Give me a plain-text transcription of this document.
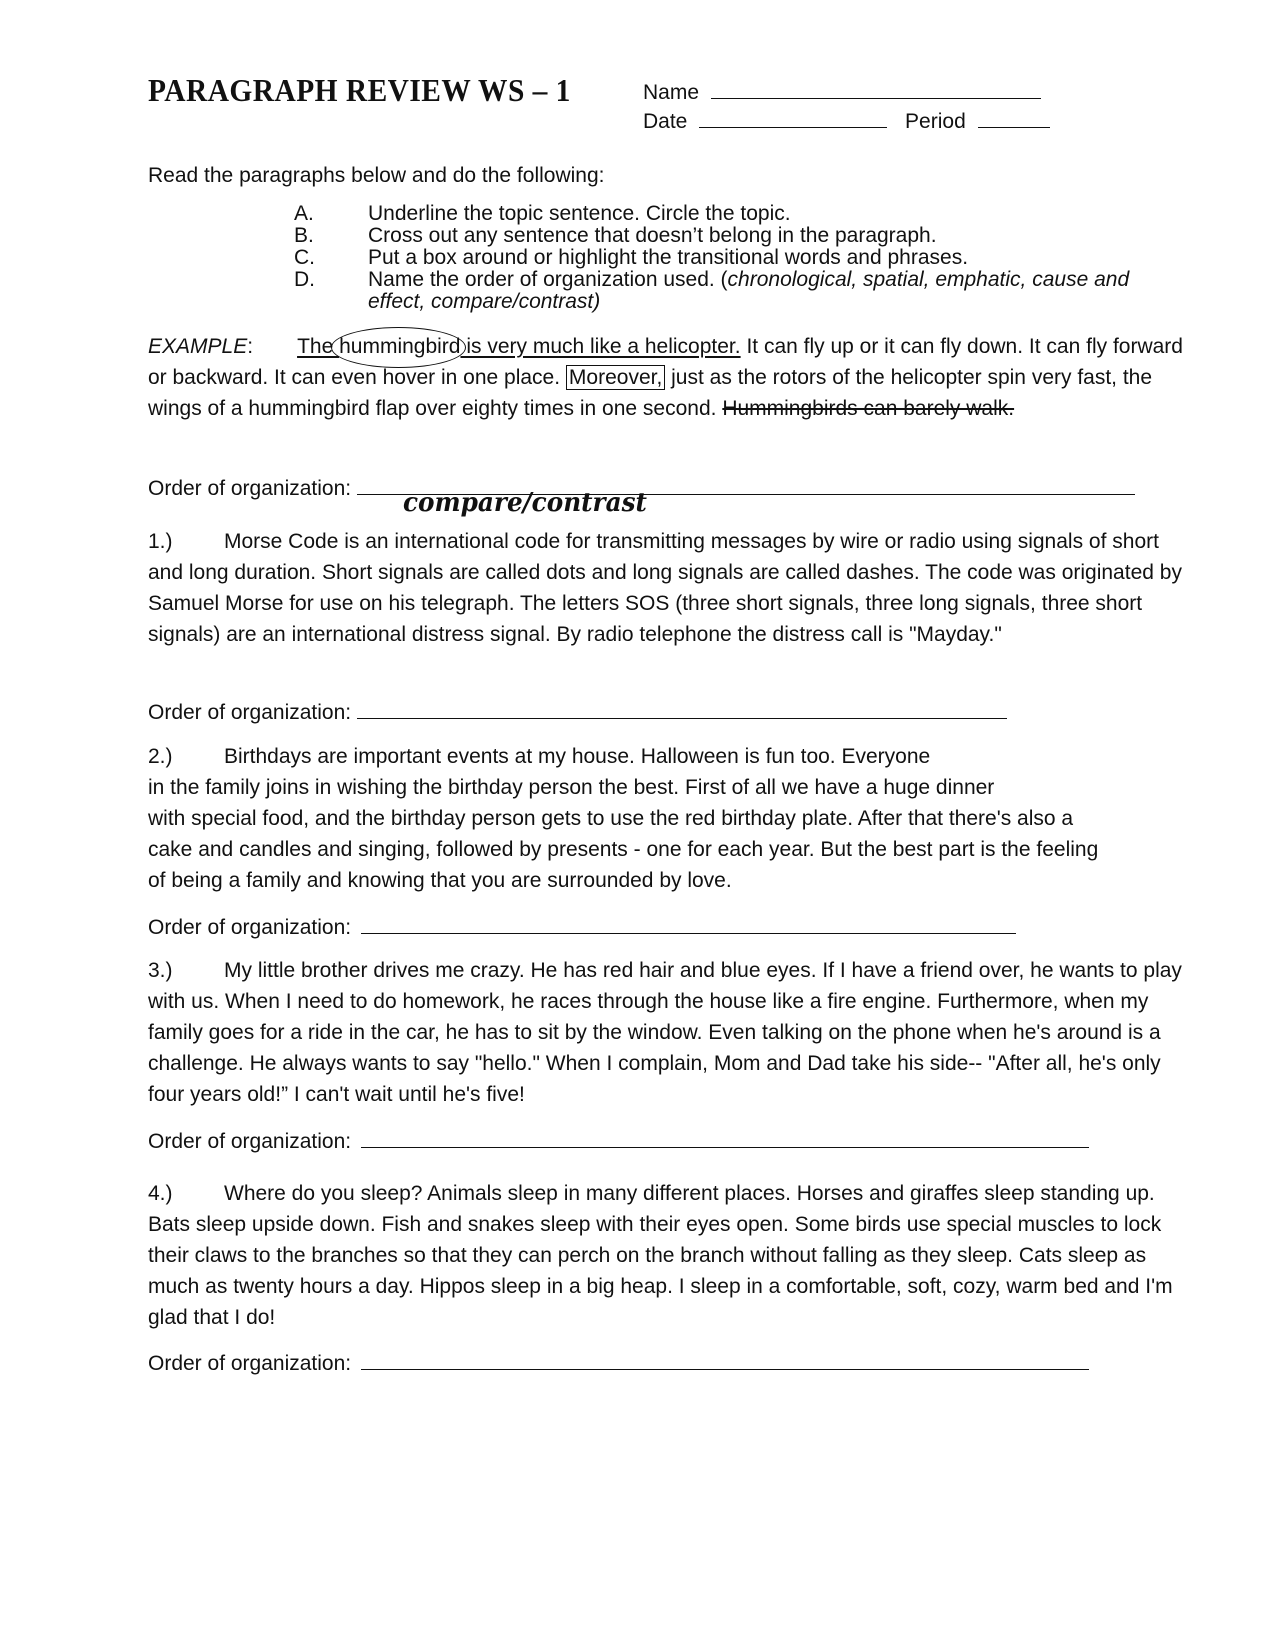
PARAGRAPH REVIEW WS – 1	Name
Date	Period
Read the paragraphs below and do the following:
A.	Underline the topic sentence. Circle the topic.
B.	Cross out any sentence that doesn’t belong in the paragraph.
C.	Put a box around or highlight the transitional words and phrases.
D.	Name the order of organization used. (chronological, spatial, emphatic, cause and effect, compare/contrast)
EXAMPLE: The hummingbird is very much like a helicopter. It can fly up or it can fly down. It can fly forward or backward. It can even hover in one place. Moreover, just as the rotors of the helicopter spin very fast, the wings of a hummingbird flap over eighty times in one second. Hummingbirds can barely walk.
Order of organization:	compare/contrast
1.) Morse Code is an international code for transmitting messages by wire or radio using signals of short and long duration. Short signals are called dots and long signals are called dashes. The code was originated by Samuel Morse for use on his telegraph. The letters SOS (three short signals, three long signals, three short signals) are an international distress signal. By radio telephone the distress call is "Mayday."
Order of organization:
2.) Birthdays are important events at my house. Halloween is fun too. Everyone
in the family joins in wishing the birthday person the best. First of all we have a huge dinner
with special food, and the birthday person gets to use the red birthday plate. After that there's also a
cake and candles and singing, followed by presents - one for each year. But the best part is the feeling
of being a family and knowing that you are surrounded by love.
Order of organization:
3.) My little brother drives me crazy. He has red hair and blue eyes. If I have a friend over, he wants to play with us. When I need to do homework, he races through the house like a fire engine. Furthermore, when my family goes for a ride in the car, he has to sit by the window. Even talking on the phone when he's around is a challenge. He always wants to say "hello." When I complain, Mom and Dad take his side-- "After all, he's only four years old!” I can't wait until he's five!
Order of organization:
4.) Where do you sleep? Animals sleep in many different places. Horses and giraffes sleep standing up. Bats sleep upside down. Fish and snakes sleep with their eyes open. Some birds use special muscles to lock their claws to the branches so that they can perch on the branch without falling as they sleep. Cats sleep as much as twenty hours a day. Hippos sleep in a big heap. I sleep in a comfortable, soft, cozy, warm bed and I'm glad that I do!
Order of organization:
